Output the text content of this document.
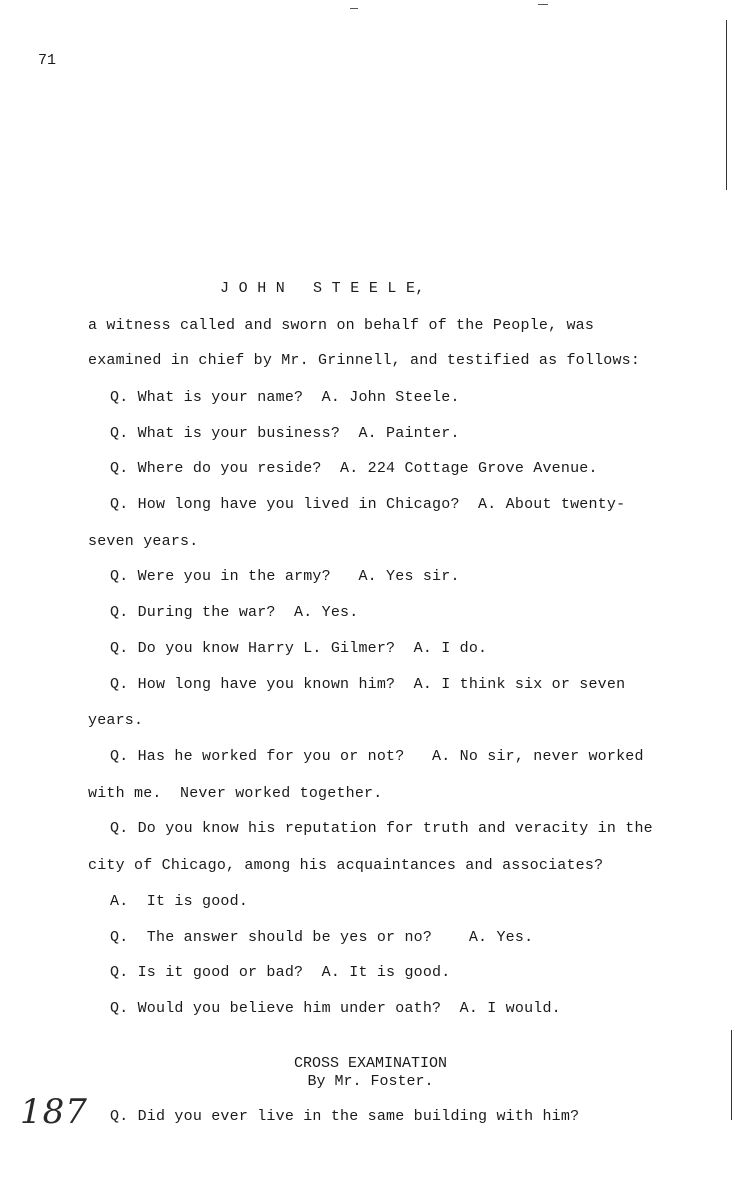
71
J O H N   S T E E L E,
a witness called and sworn on behalf of the People, was
examined in chief by Mr. Grinnell, and testified as follows:
Q. What is your name?  A. John Steele.
Q. What is your business?  A. Painter.
Q. Where do you reside?  A. 224 Cottage Grove Avenue.
Q. How long have you lived in Chicago?  A. About twenty-
seven years.
Q. Were you in the army?   A. Yes sir.
Q. During the war?  A. Yes.
Q. Do you know Harry L. Gilmer?  A. I do.
Q. How long have you known him?  A. I think six or seven
years.
Q. Has he worked for you or not?   A. No sir, never worked
with me.  Never worked together.
Q. Do you know his reputation for truth and veracity in the
city of Chicago, among his acquaintances and associates?
A.  It is good.
Q.  The answer should be yes or no?    A. Yes.
Q. Is it good or bad?  A. It is good.
Q. Would you believe him under oath?  A. I would.
CROSS EXAMINATION
By Mr. Foster.
Q. Did you ever live in the same building with him?
187
